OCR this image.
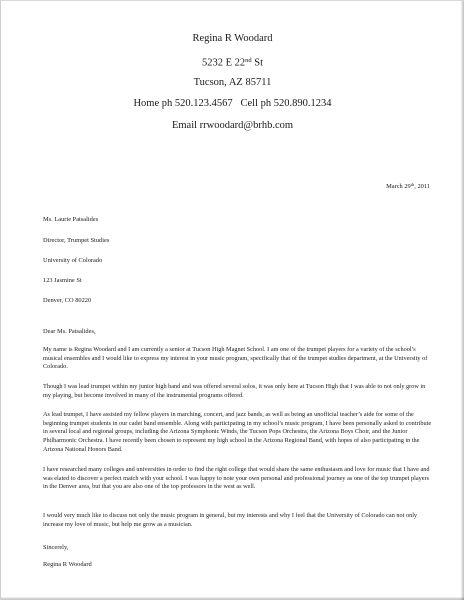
Regina R Woodard
5232 E 22nd St
Tucson, AZ 85711
Home ph 520.123.4567   Cell ph 520.890.1234
Email rrwoodard@brhb.com
March 29th, 2011
Ms. Laurie Patsalides
Director, Trumpet Studies
University of Colorado
123 Jasmine St
Denver, CO 80220
Dear Ms. Patsalides,
My name is Regina Woodard and I am currently a senior at Tucson High Magnet School. I am one of the trumpet players for a variety of the school’s musical ensembles and I would like to express my interest in your music program, specifically that of the trumpet studies department, at the University of Colorado.
Though I was lead trumpet within my junior high band and was offered several solos, it was only here at Tucson High that I was able to not only grow in my playing, but become involved in many of the instrumental programs offered.
As lead trumpet, I have assisted my fellow players in marching, concert, and jazz bands, as well as being an unofficial teacher’s aide for some of the beginning trumpet students in our cadet band ensemble. Along with participating in my school’s music program, I have been personally asked to contribute in several local and regional groups, including the Arizona Symphonic Winds, the Tucson Pops Orchestra, the Arizona Boys Choir, and the Junior Philharmonic Orchestra. I have recently been chosen to represent my high school in the Arizona Regional Band, with hopes of also participating in the Arizona National Honors Band.
I have researched many colleges and universities in order to find the right college that would share the same enthusiasm and love for music that I have and was elated to discover a perfect match with your school. I was happy to note your own personal and professional journey as one of the top trumpet players in the Denver area, but that you are also one of the top professors in the west as well.
I would very much like to discuss not only the music program in general, but my interests and why I feel that the University of Colorado can not only increase my love of music, but help me grow as a musician.
Sincerely,
Regina R Woodard
